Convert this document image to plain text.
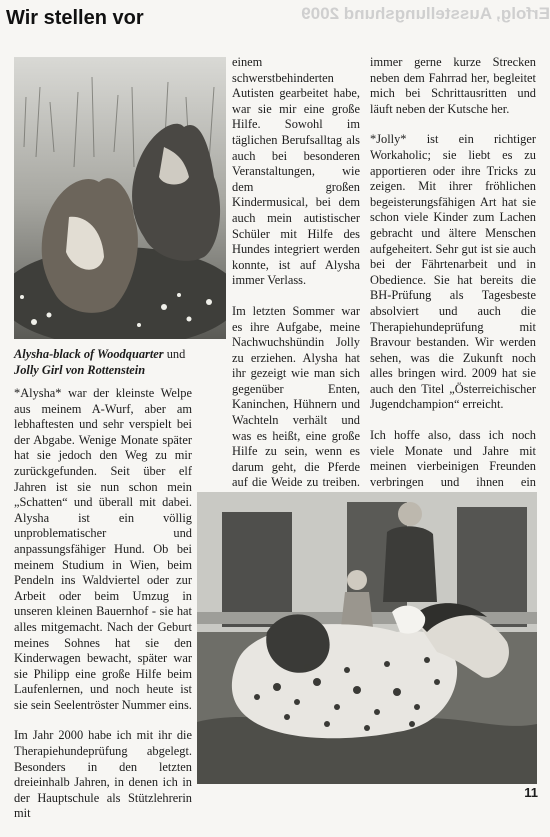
Erfolg, Ausstellungshund 2009
Wir stellen vor
Alysha-black of Woodquarter und
Jolly Girl von Rottenstein

*Alysha* war der kleinste Welpe aus meinem A-Wurf, aber am lebhaftesten und sehr verspielt bei der Abgabe. Wenige Monate später hat sie jedoch den Weg zu mir zurückgefunden. Seit über elf Jahren ist sie nun schon mein „Schatten“ und überall mit dabei. Alysha ist ein völlig unproblematischer und anpassungsfähiger Hund. Ob bei meinem Studium in Wien, beim Pendeln ins Waldviertel oder zur Arbeit oder beim Umzug in unseren kleinen Bauernhof - sie hat alles mitgemacht. Nach der Geburt meines Sohnes hat sie den Kinderwagen bewacht, später war sie Philipp eine große Hilfe beim Laufenlernen, und noch heute ist sie sein Seelentröster Nummer eins.

Im Jahr 2000 habe ich mit ihr die Therapiehundeprüfung abgelegt. Besonders in den letzten dreieinhalb Jahren, in denen ich in der Hauptschule als Stützlehrerin mit

einem schwerstbehinderten Autisten gearbeitet habe, war sie mir eine große Hilfe. Sowohl im täglichen Berufsalltag als auch bei besonderen Veranstaltungen, wie dem großen Kindermusical, bei dem auch mein autistischer Schüler mit Hilfe des Hundes integriert werden konnte, ist auf Alysha immer Verlass.

Im letzten Sommer war es ihre Aufgabe, meine Nachwuchshündin Jolly zu erziehen. Alysha hat ihr gezeigt wie man sich gegenüber Enten, Kaninchen, Hühnern und Wachteln verhält und was es heißt, eine große Hilfe zu sein, wenn es darum geht, die Pferde auf die Weide zu treiben.

immer gerne kurze Strecken neben dem Fahrrad her, begleitet mich bei Schrittausritten und läuft neben der Kutsche her.

*Jolly* ist ein richtiger Workaholic; sie liebt es zu apportieren oder ihre Tricks zu zeigen. Mit ihrer fröhlichen begeisterungsfähigen Art hat sie schon viele Kinder zum Lachen gebracht und ältere Menschen aufgeheitert. Sehr gut ist sie auch bei der Fährtenarbeit und in Obedience. Sie hat bereits die BH-Prüfung als Tagesbeste absolviert und auch die Therapiehundeprüfung mit Bravour bestanden. Wir werden sehen, was die Zukunft noch alles bringen wird. 2009 hat sie auch den Titel „Österreichischer Jugendchampion“ erreicht.

Ich hoffe also, dass ich noch viele Monate und Jahre mit meinen vierbeinigen Freunden verbringen und ihnen ein

11
